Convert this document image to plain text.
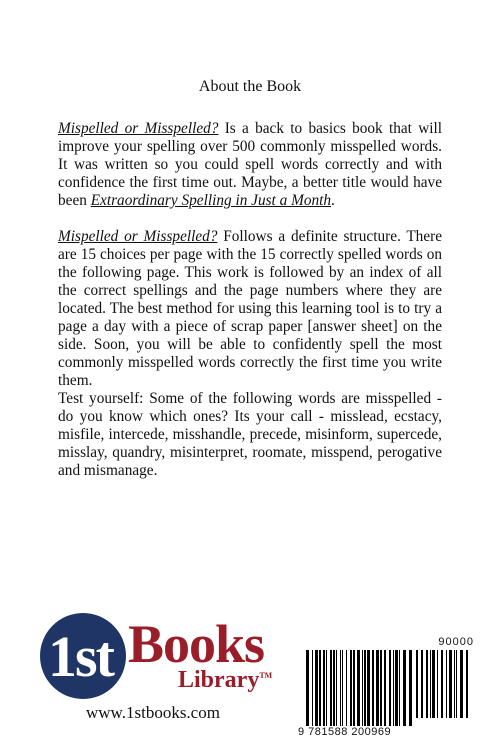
About the Book

Mispelled or Misspelled? Is a back to basics book that will improve your spelling over 500 commonly misspelled words. It was written so you could spell words correctly and with confidence the first time out. Maybe, a better title would have been Extraordinary Spelling in Just a Month.

Mispelled or Misspelled? Follows a definite structure. There are 15 choices per page with the 15 correctly spelled words on the following page. This work is followed by an index of all the correct spellings and the page numbers where they are located. The best method for using this learning tool is to try a page a day with a piece of scrap paper [answer sheet] on the side. Soon, you will be able to confidently spell the most commonly misspelled words correctly the first time you write them.

Test yourself: Some of the following words are misspelled - do you know which ones? Its your call - misslead, ecstacy, misfile, intercede, misshandle, precede, misinform, supercede, misslay, quandry, misinterpret, roomate, misspend, perogative and mismanage.

1st Books
Library™
www.1stbooks.com
90000
9 781588 200969
